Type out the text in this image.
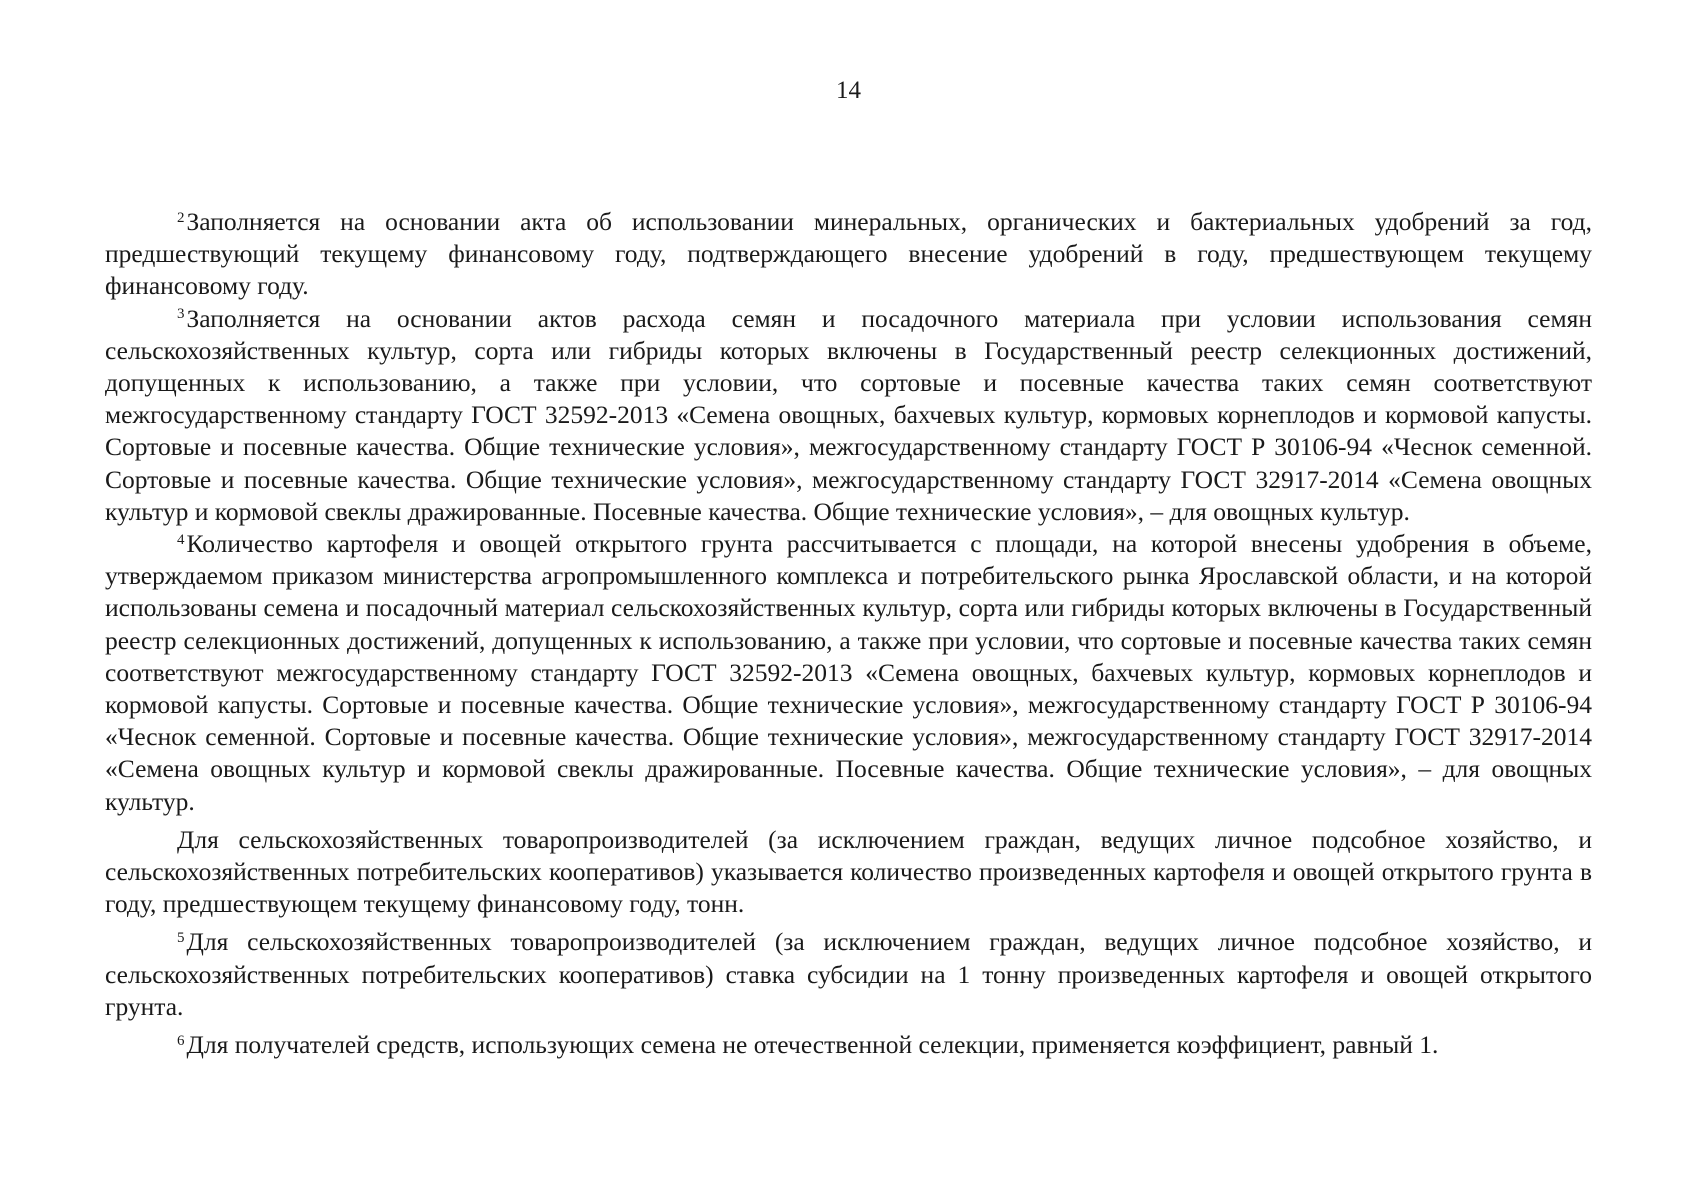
14

$^2$Заполняется на основании акта об использовании минеральных, органических и бактериальных удобрений за год, предшествующий текущему финансовому году, подтверждающего внесение удобрений в году, предшествующем текущему финансовому году.

$^3$Заполняется на основании актов расхода семян и посадочного материала при условии использования семян сельскохозяйственных культур, сорта или гибриды которых включены в Государственный реестр селекционных достижений, допущенных к использованию, а также при условии, что сортовые и посевные качества таких семян соответствуют межгосударственному стандарту ГОСТ 32592-2013 «Семена овощных, бахчевых культур, кормовых корнеплодов и кормовой капусты. Сортовые и посевные качества. Общие технические условия», межгосударственному стандарту ГОСТ Р 30106-94 «Чеснок семенной. Сортовые и посевные качества. Общие технические условия», межгосударственному стандарту ГОСТ 32917-2014 «Семена овощных культур и кормовой свеклы дражированные. Посевные качества. Общие технические условия», – для овощных культур.

$^4$Количество картофеля и овощей открытого грунта рассчитывается с площади, на которой внесены удобрения в объеме, утверждаемом приказом министерства агропромышленного комплекса и потребительского рынка Ярославской области, и на которой использованы семена и посадочный материал сельскохозяйственных культур, сорта или гибриды которых включены в Государственный реестр селекционных достижений, допущенных к использованию, а также при условии, что сортовые и посевные качества таких семян соответствуют межгосударственному стандарту ГОСТ 32592-2013 «Семена овощных, бахчевых культур, кормовых корнеплодов и кормовой капусты. Сортовые и посевные качества. Общие технические условия», межгосударственному стандарту ГОСТ Р 30106-94 «Чеснок семенной. Сортовые и посевные качества. Общие технические условия», межгосударственному стандарту ГОСТ 32917-2014 «Семена овощных культур и кормовой свеклы дражированные. Посевные качества. Общие технические условия», – для овощных культур.

Для сельскохозяйственных товаропроизводителей (за исключением граждан, ведущих личное подсобное хозяйство, и сельскохозяйственных потребительских кооперативов) указывается количество произведенных картофеля и овощей открытого грунта в году, предшествующем текущему финансовому году, тонн.

$^5$Для сельскохозяйственных товаропроизводителей (за исключением граждан, ведущих личное подсобное хозяйство, и сельскохозяйственных потребительских кооперативов) ставка субсидии на 1 тонну произведенных картофеля и овощей открытого грунта.

$^6$Для получателей средств, использующих семена не отечественной селекции, применяется коэффициент, равный 1.
